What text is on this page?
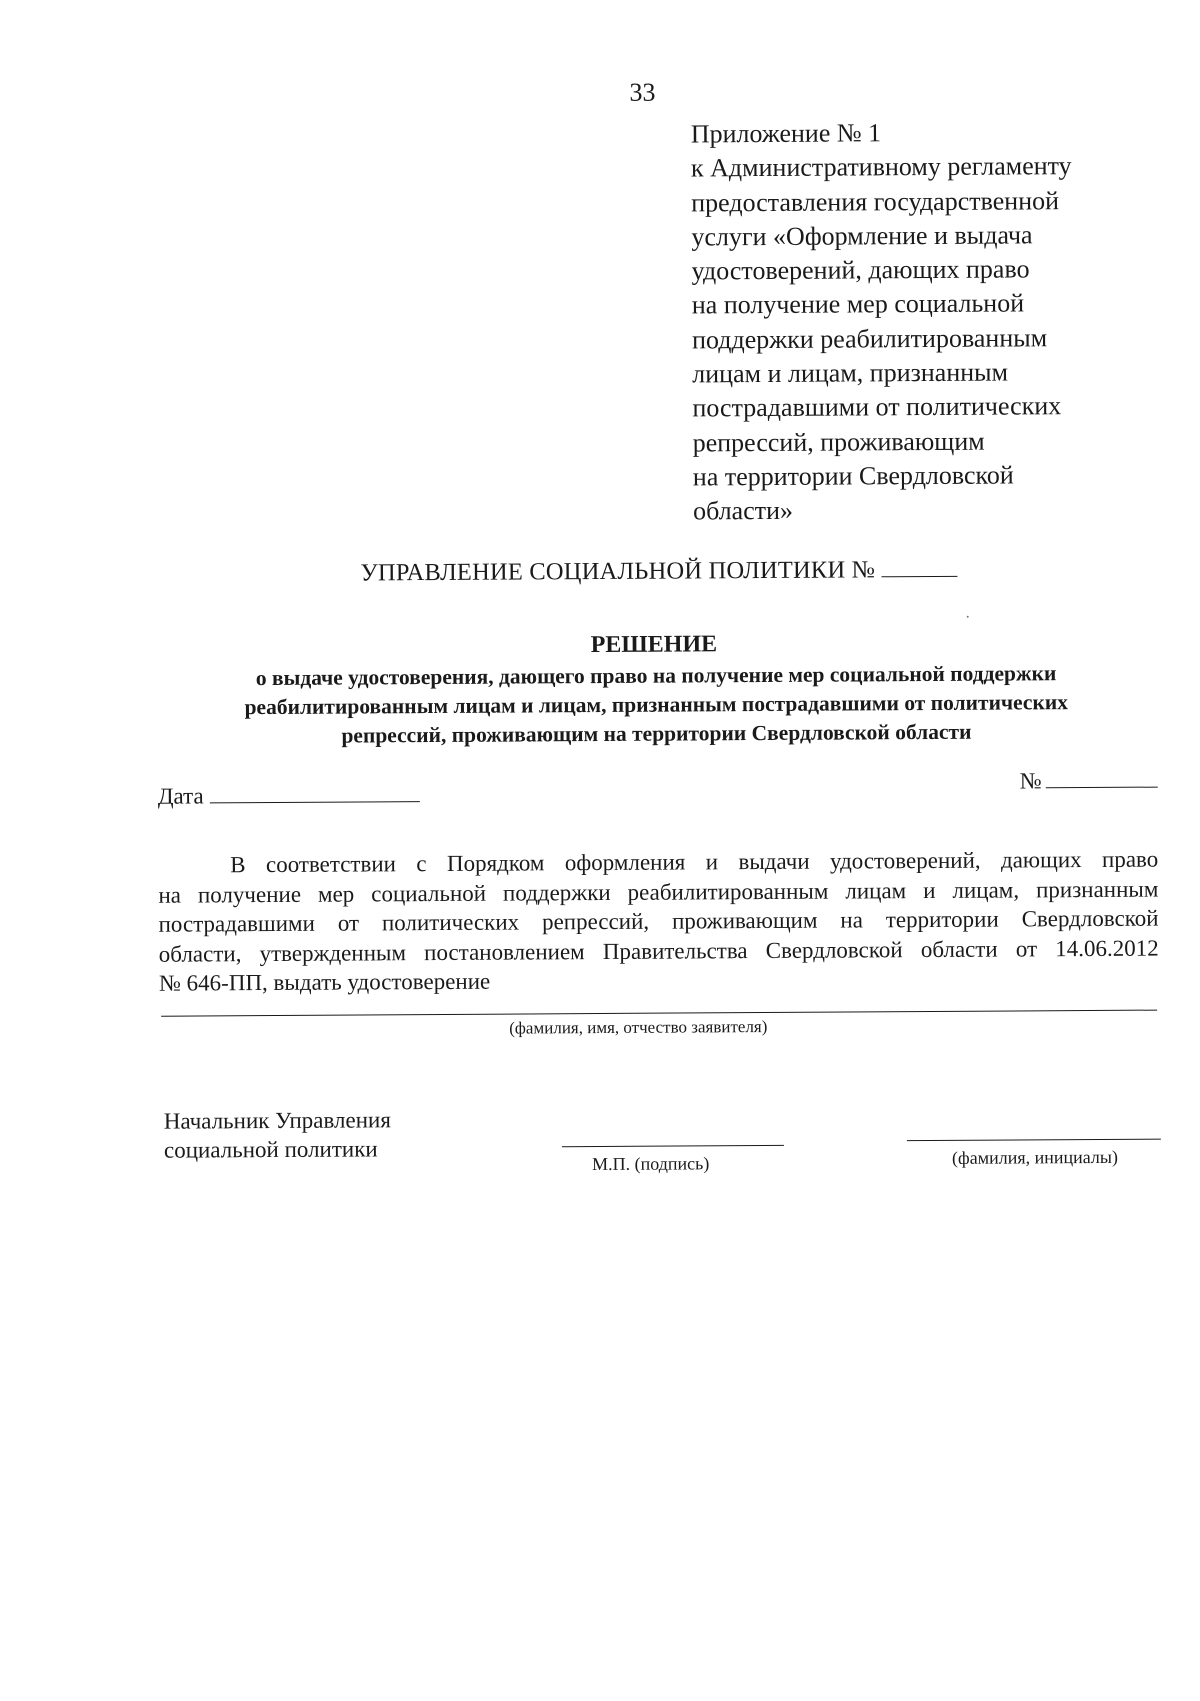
33
Приложение № 1
к Административному регламенту
предоставления государственной
услуги «Оформление и выдача
удостоверений, дающих право
на получение мер социальной
поддержки реабилитированным
лицам и лицам, признанным
пострадавшими от политических
репрессий, проживающим
на территории Свердловской
области»
УПРАВЛЕНИЕ СОЦИАЛЬНОЙ ПОЛИТИКИ №
РЕШЕНИЕ
о выдаче удостоверения, дающего право на получение мер социальной поддержки
реабилитированным лицам и лицам, признанным пострадавшими от политических
репрессий, проживающим на территории Свердловской области
Дата
№
В соответствии с Порядком оформления и выдачи удостоверений, дающих право
на получение мер социальной поддержки реабилитированным лицам и лицам, признанным
пострадавшими от политических репрессий, проживающим на территории Свердловской
области, утвержденным постановлением Правительства Свердловской области от 14.06.2012
№ 646-ПП, выдать удостоверение
(фамилия, имя, отчество заявителя)
Начальник Управления
социальной политики
М.П. (подпись)	(фамилия, инициалы)
